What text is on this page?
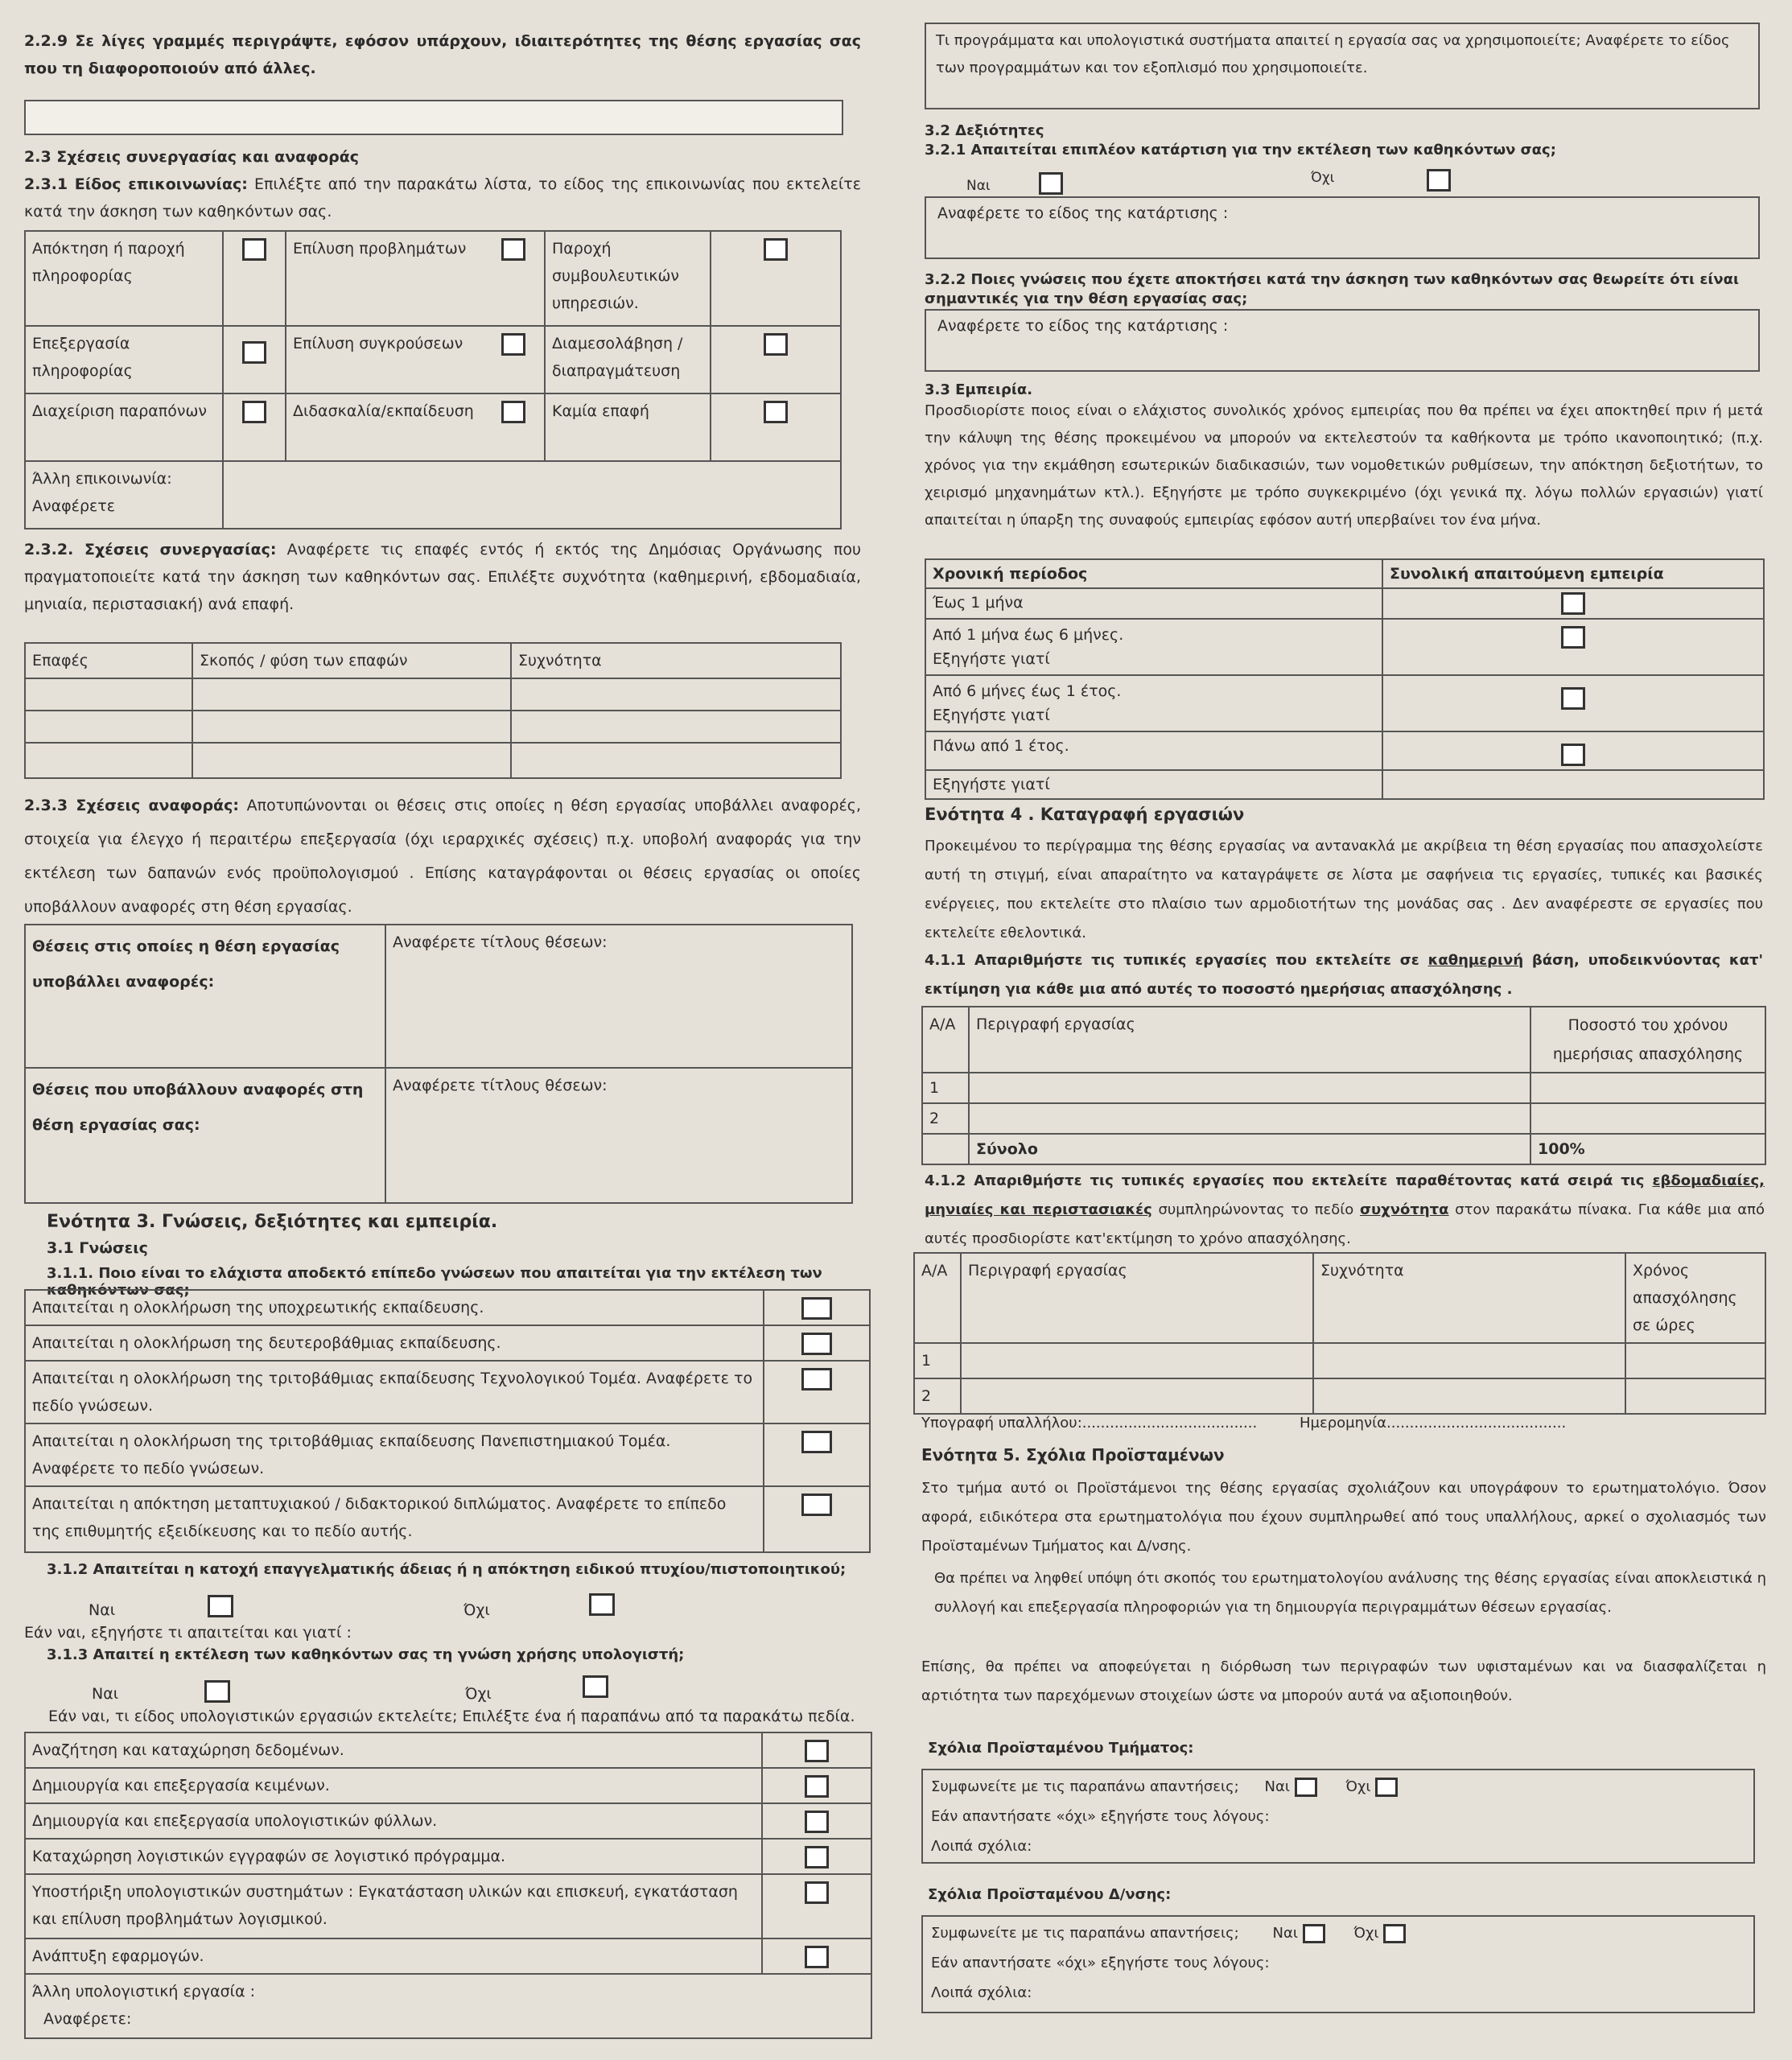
2.2.9 Σε λίγες γραμμές περιγράψτε, εφόσον υπάρχουν, ιδιαιτερότητες της θέσης εργασίας σας που τη διαφοροποιούν από άλλες.

2.3 Σχέσεις συνεργασίας και αναφοράς

2.3.1 Είδος επικοινωνίας: Επιλέξτε από την παρακάτω λίστα, το είδος της επικοινωνίας που εκτελείτε κατά την άσκηση των καθηκόντων σας.

Απόκτηση ή παροχή πληροφορίας		Επίλυση προβλημάτων		Παροχή συμβουλευτικών υπηρεσιών.	
Επεξεργασία πληροφορίας		Επίλυση συγκρούσεων		Διαμεσολάβηση / διαπραγμάτευση	
Διαχείριση παραπόνων		Διδασκαλία/εκπαίδευση		Καμία επαφή	

Άλλη επικοινωνία:
Αναφέρετε					

2.3.2. Σχέσεις συνεργασίας: Αναφέρετε τις επαφές εντός ή εκτός της Δημόσιας Οργάνωσης που πραγματοποιείτε κατά την άσκηση των καθηκόντων σας. Επιλέξτε συχνότητα (καθημερινή, εβδομαδιαία, μηνιαία, περιστασιακή) ανά επαφή.

Επαφές	Σκοπός / φύση των επαφών	Συχνότητα

2.3.3 Σχέσεις αναφοράς: Αποτυπώνονται οι θέσεις στις οποίες η θέση εργασίας υποβάλλει αναφορές, στοιχεία για έλεγχο ή περαιτέρω επεξεργασία (όχι ιεραρχικές σχέσεις) π.χ. υποβολή αναφοράς για την εκτέλεση των δαπανών ενός προϋπολογισμού . Επίσης καταγράφονται οι θέσεις εργασίας οι οποίες υποβάλλουν αναφορές στη θέση εργασίας.

Θέσεις στις οποίες η θέση εργασίας υποβάλλει αναφορές:	Αναφέρετε τίτλους θέσεων:
Θέσεις που υποβάλλουν αναφορές στη θέση εργασίας σας:	Αναφέρετε τίτλους θέσεων:

Ενότητα 3. Γνώσεις, δεξιότητες και εμπειρία.

3.1 Γνώσεις

3.1.1. Ποιο είναι το ελάχιστα αποδεκτό επίπεδο γνώσεων που απαιτείται για την εκτέλεση των καθηκόντων σας;

Απαιτείται η ολοκλήρωση της υποχρεωτικής εκπαίδευσης.	
Απαιτείται η ολοκλήρωση της δευτεροβάθμιας εκπαίδευσης.	
Απαιτείται η ολοκλήρωση της τριτοβάθμιας εκπαίδευσης Τεχνολογικού Τομέα. Αναφέρετε το πεδίο γνώσεων.	
Απαιτείται η ολοκλήρωση της τριτοβάθμιας εκπαίδευσης Πανεπιστημιακού Τομέα. Αναφέρετε το πεδίο γνώσεων.	
Απαιτείται η απόκτηση μεταπτυχιακού / διδακτορικού διπλώματος. Αναφέρετε το επίπεδο της επιθυμητής εξειδίκευσης και το πεδίο αυτής.	

3.1.2 Απαιτείται η κατοχή επαγγελματικής άδειας ή η απόκτηση ειδικού πτυχίου/πιστοποιητικού;

Ναι	Όχι

Εάν ναι, εξηγήστε τι απαιτείται και γιατί :

3.1.3 Απαιτεί η εκτέλεση των καθηκόντων σας τη γνώση χρήσης υπολογιστή;

Ναι	Όχι

Εάν ναι, τι είδος υπολογιστικών εργασιών εκτελείτε; Επιλέξτε ένα ή παραπάνω από τα παρακάτω πεδία.

Αναζήτηση και καταχώρηση δεδομένων.	
Δημιουργία και επεξεργασία κειμένων.	
Δημιουργία και επεξεργασία υπολογιστικών φύλλων.	
Καταχώρηση λογιστικών εγγραφών σε λογιστικό πρόγραμμα.	
Υποστήριξη υπολογιστικών συστημάτων : Εγκατάσταση υλικών και επισκευή, εγκατάσταση και επίλυση προβλημάτων λογισμικού.	
Ανάπτυξη εφαρμογών.	

Άλλη υπολογιστική εργασία :
Αναφέρετε:	
Τι προγράμματα και υπολογιστικά συστήματα απαιτεί η εργασία σας να χρησιμοποιείτε; Αναφέρετε το είδος των προγραμμάτων και τον εξοπλισμό που χρησιμοποιείτε.

3.2 Δεξιότητες

3.2.1 Απαιτείται επιπλέον κατάρτιση για την εκτέλεση των καθηκόντων σας;

Ναι	Όχι
Αναφέρετε το είδος της κατάρτισης :

3.2.2 Ποιες γνώσεις που έχετε αποκτήσει κατά την άσκηση των καθηκόντων σας θεωρείτε ότι είναι σημαντικές για την θέση εργασίας σας;

Αναφέρετε το είδος της κατάρτισης :

3.3 Εμπειρία.

Προσδιορίστε ποιος είναι ο ελάχιστος συνολικός χρόνος εμπειρίας που θα πρέπει να έχει αποκτηθεί πριν ή μετά την κάλυψη της θέσης προκειμένου να μπορούν να εκτελεστούν τα καθήκοντα με τρόπο ικανοποιητικό; (π.χ. χρόνος για την εκμάθηση εσωτερικών διαδικασιών, των νομοθετικών ρυθμίσεων, την απόκτηση δεξιοτήτων, το χειρισμό μηχανημάτων κτλ.). Εξηγήστε με τρόπο συγκεκριμένο (όχι γενικά πχ. λόγω πολλών εργασιών) γιατί απαιτείται η ύπαρξη της συναφούς εμπειρίας εφόσον αυτή υπερβαίνει τον ένα μήνα.

Χρονική περίοδος	Συνολική απαιτούμενη εμπειρία
Έως 1 μήνα	

Από 1 μήνα έως 6 μήνες.
Εξηγήστε γιατί	

Από 6 μήνες έως 1 έτος.
Εξηγήστε γιατί	

Πάνω από 1 έτος.	
Εξηγήστε γιατί	

Ενότητα 4 . Καταγραφή εργασιών

Προκειμένου το περίγραμμα της θέσης εργασίας να αντανακλά με ακρίβεια τη θέση εργασίας που απασχολείστε αυτή τη στιγμή, είναι απαραίτητο να καταγράψετε σε λίστα με σαφήνεια τις εργασίες, τυπικές και βασικές ενέργειες, που εκτελείτε στο πλαίσιο των αρμοδιοτήτων της μονάδας σας . Δεν αναφέρεστε σε εργασίες που εκτελείτε εθελοντικά.

4.1.1 Απαριθμήστε τις τυπικές εργασίες που εκτελείτε σε καθημερινή βάση, υποδεικνύοντας κατ' εκτίμηση για κάθε μια από αυτές το ποσοστό ημερήσιας απασχόλησης .

Α/Α	Περιγραφή εργασίας	Ποσοστό του χρόνου ημερήσιας απασχόλησης
1		
2		
	Σύνολο	100%

4.1.2 Απαριθμήστε τις τυπικές εργασίες που εκτελείτε παραθέτοντας κατά σειρά τις εβδομαδιαίες, μηνιαίες και περιστασιακές συμπληρώνοντας το πεδίο συχνότητα στον παρακάτω πίνακα. Για κάθε μια από αυτές προσδιορίστε κατ'εκτίμηση το χρόνο απασχόλησης.

Α/Α	Περιγραφή εργασίας	Συχνότητα	Χρόνος απασχόλησης σε ώρες
1			
2			
Υπογραφή υπαλλήλου:......................................	Ημερομηνία.......................................

Ενότητα 5. Σχόλια Προϊσταμένων

Στο τμήμα αυτό οι Προϊστάμενοι της θέσης εργασίας σχολιάζουν και υπογράφουν το ερωτηματολόγιο. Όσον αφορά, ειδικότερα στα ερωτηματολόγια που έχουν συμπληρωθεί από τους υπαλλήλους, αρκεί ο σχολιασμός των Προϊσταμένων Τμήματος και Δ/νσης.

Θα πρέπει να ληφθεί υπόψη ότι σκοπός του ερωτηματολογίου ανάλυσης της θέσης εργασίας είναι αποκλειστικά η συλλογή και επεξεργασία πληροφοριών για τη δημιουργία περιγραμμάτων θέσεων εργασίας.

Επίσης, θα πρέπει να αποφεύγεται η διόρθωση των περιγραφών των υφισταμένων και να διασφαλίζεται η αρτιότητα των παρεχόμενων στοιχείων ώστε να μπορούν αυτά να αξιοποιηθούν.

Σχόλια Προϊσταμένου Τμήματος:

Συμφωνείτε με τις παραπάνω απαντήσεις; Ναι	Όχι
Εάν απαντήσατε «όχι» εξηγήστε τους λόγους:
Λοιπά σχόλια:

Σχόλια Προϊσταμένου Δ/νσης:

Συμφωνείτε με τις παραπάνω απαντήσεις; Ναι	Όχι
Εάν απαντήσατε «όχι» εξηγήστε τους λόγους:
Λοιπά σχόλια:
